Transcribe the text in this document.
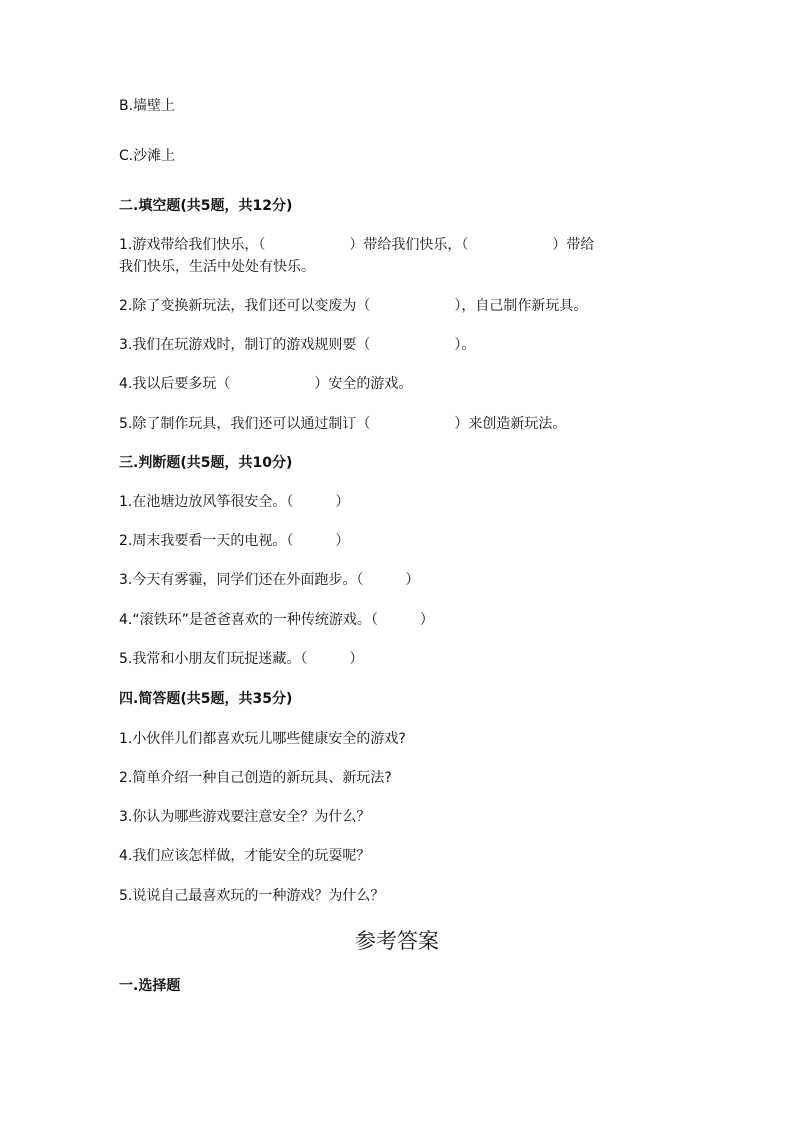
B.墙壁上
C.沙滩上
二.填空题(共5题，共12分)
1.游戏带给我们快乐，（　　　　　　）带给我们快乐，（　　　　　　）带给
我们快乐，生活中处处有快乐。
2.除了变换新玩法，我们还可以变废为（　　　　　　），自己制作新玩具。
3.我们在玩游戏时，制订的游戏规则要（　　　　　　）。
4.我以后要多玩（　　　　　　）安全的游戏。
5.除了制作玩具，我们还可以通过制订（　　　　　　）来创造新玩法。
三.判断题(共5题，共10分)
1.在池塘边放风筝很安全。（　　　）
2.周末我要看一天的电视。（　　　）
3.今天有雾霾，同学们还在外面跑步。（　　　）
4.“滚铁环”是爸爸喜欢的一种传统游戏。（　　　）
5.我常和小朋友们玩捉迷藏。（　　　）
四.简答题(共5题，共35分)
1.小伙伴儿们都喜欢玩儿哪些健康安全的游戏?
2.简单介绍一种自己创造的新玩具、新玩法?
3.你认为哪些游戏要注意安全？为什么？
4.我们应该怎样做，才能安全的玩耍呢？
5.说说自己最喜欢玩的一种游戏？为什么？
参考答案
一.选择题
